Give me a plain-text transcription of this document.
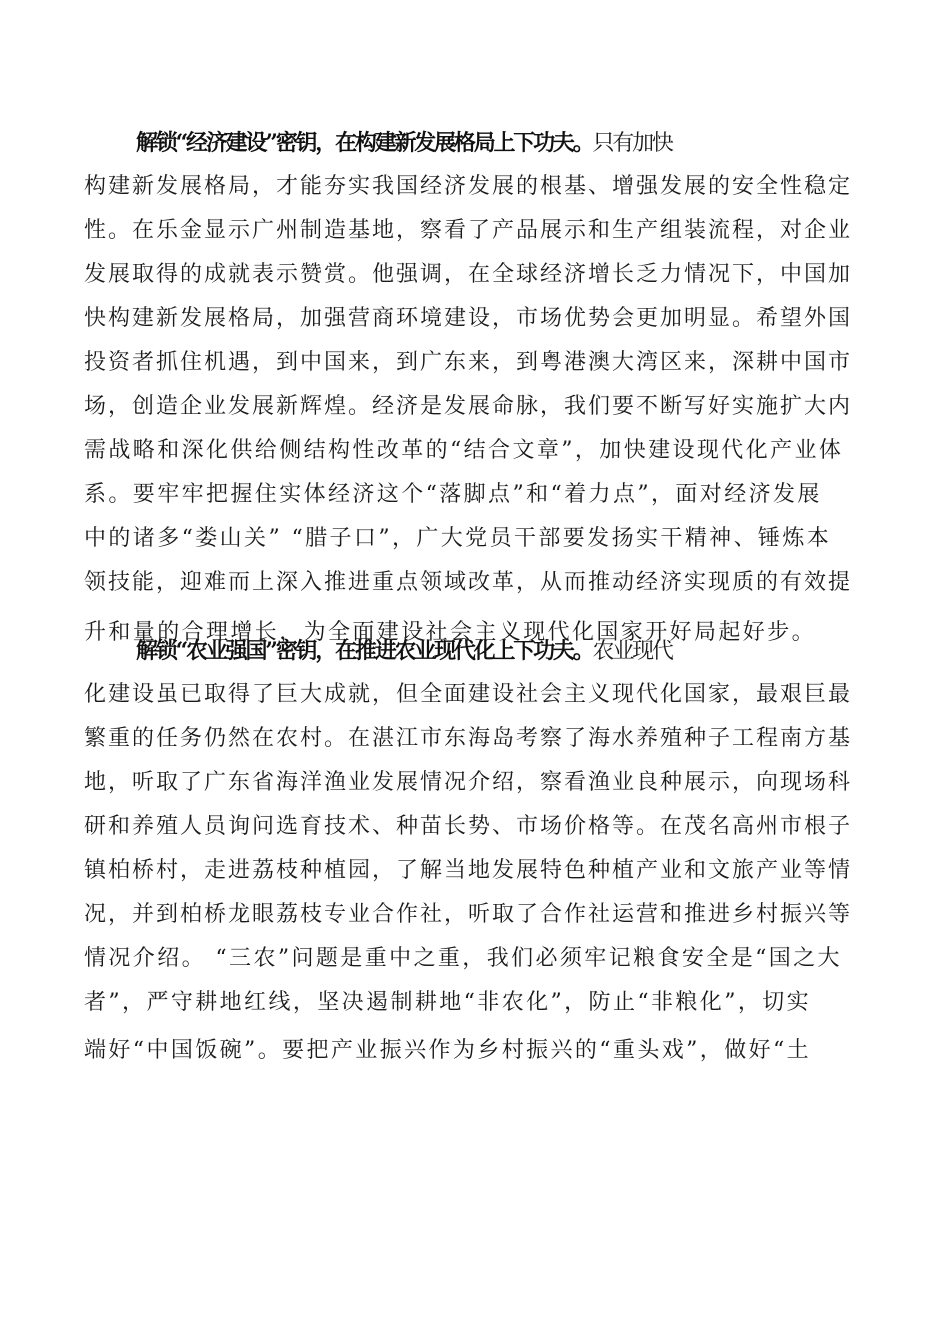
解锁“经济建设”密钥，在构建新发展格局上下功夫。只有加快
构建新发展格局，才能夯实我国经济发展的根基、增强发展的安全性稳定
性。在乐金显示广州制造基地，察看了产品展示和生产组装流程，对企业
发展取得的成就表示赞赏。他强调，在全球经济增长乏力情况下，中国加
快构建新发展格局，加强营商环境建设，市场优势会更加明显。希望外国
投资者抓住机遇，到中国来，到广东来，到粤港澳大湾区来，深耕中国市
场，创造企业发展新辉煌。经济是发展命脉，我们要不断写好实施扩大内
需战略和深化供给侧结构性改革的“结合文章”，加快建设现代化产业体
系。要牢牢把握住实体经济这个“落脚点”和“着力点”，面对经济发展
中的诸多“娄山关” “腊子口”，广大党员干部要发扬实干精神、锤炼本
领技能，迎难而上深入推进重点领域改革，从而推动经济实现质的有效提
升和量的合理增长，为全面建设社会主义现代化国家开好局起好步。
解锁“农业强国”密钥，在推进农业现代化上下功夫。农业现代
化建设虽已取得了巨大成就，但全面建设社会主义现代化国家，最艰巨最
繁重的任务仍然在农村。在湛江市东海岛考察了海水养殖种子工程南方基
地，听取了广东省海洋渔业发展情况介绍，察看渔业良种展示，向现场科
研和养殖人员询问选育技术、种苗长势、市场价格等。在茂名高州市根子
镇柏桥村，走进荔枝种植园，了解当地发展特色种植产业和文旅产业等情
况，并到柏桥龙眼荔枝专业合作社，听取了合作社运营和推进乡村振兴等
情况介绍。 “三农”问题是重中之重，我们必须牢记粮食安全是“国之大
者”，严守耕地红线，坚决遏制耕地“非农化”，防止“非粮化”，切实
端好“中国饭碗”。要把产业振兴作为乡村振兴的“重头戏”，做好“土
